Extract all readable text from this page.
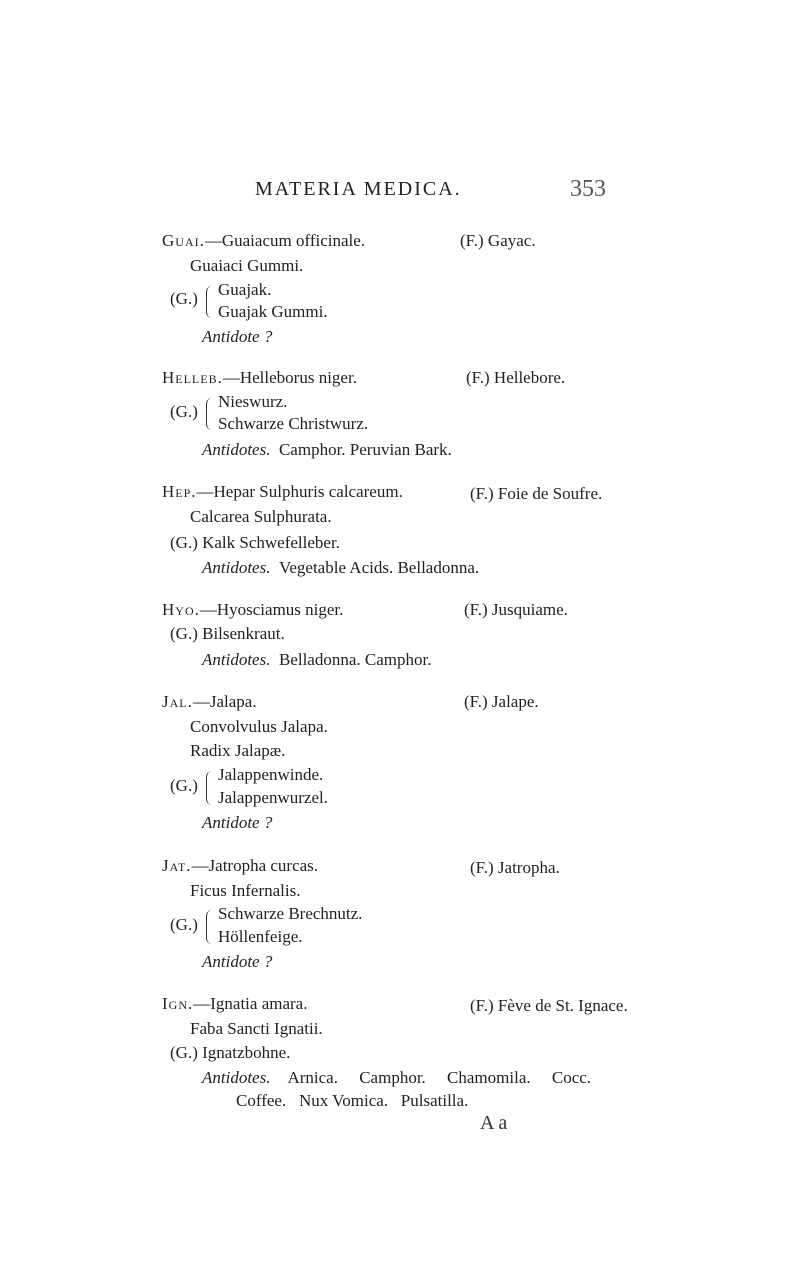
MATERIA MEDICA.	353
Guai.—Guaiacum officinale.	(F.) Gayac.
Guaiaci Gummi.
(G.) Guajak.
Guajak Gummi.
Antidote ?
Helleb.—Helleborus niger.	(F.) Hellebore.
(G.)
Nieswurz.
Schwarze Christwurz.
Antidotes. Camphor. Peruvian Bark.
Hep.—Hepar Sulphuris calcareum.	(F.) Foie de Soufre.
Calcarea Sulphurata.
(G.) Kalk Schwefelleber.
Antidotes. Vegetable Acids. Belladonna.
Hyo.—Hyosciamus niger.	(F.) Jusquiame.
(G.) Bilsenkraut.
Antidotes. Belladonna. Camphor.
Jal.—Jalapa.	(F.) Jalape.
Convolvulus Jalapa.
Radix Jalapæ.
(G.)
Jalappenwinde.
Jalappenwurzel.
Antidote ?
Jat.—Jatropha curcas.	(F.) Jatropha.
Ficus Infernalis.
(G.)
Schwarze Brechnutz.
Höllenfeige.
Antidote ?
Ign.—Ignatia amara.	(F.) Fève de St. Ignace.
Faba Sancti Ignatii.
(G.) Ignatzbohne.
Antidotes. Arnica.     Camphor.     Chamomila.     Cocc.
Coffee.   Nux Vomica.   Pulsatilla.
A a
